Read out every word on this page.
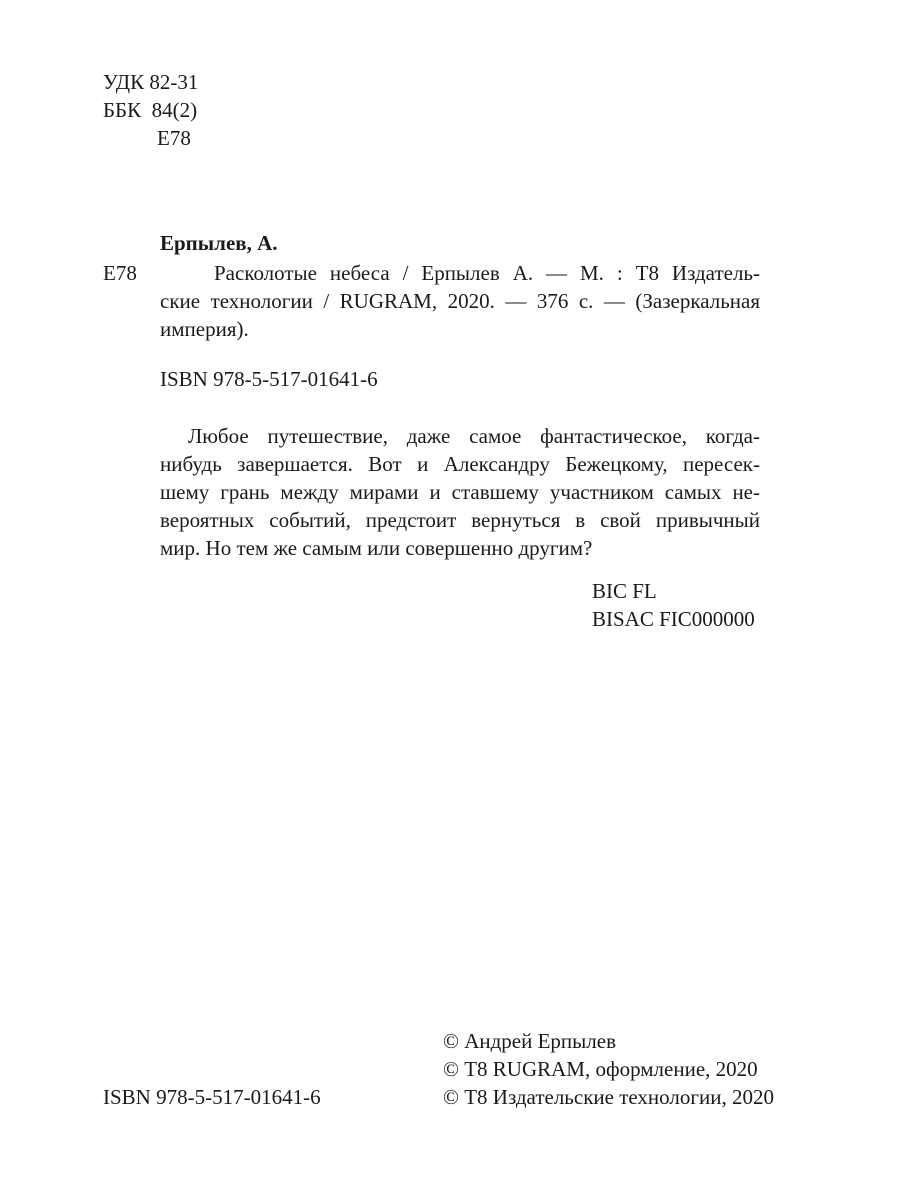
УДК 82-31
ББК  84(2)
Е78
Ерпылев, А.
Е78	Расколотые небеса / Ерпылев А. — М. : Т8 Издатель-
ские технологии / RUGRAM, 2020. — 376 с. — (Зазеркальная
империя).
ISBN 978-5-517-01641-6
Любое путешествие, даже самое фантастическое, когда-
нибудь завершается. Вот и Александру Бежецкому, пересек-
шему грань между мирами и ставшему участником самых не-
вероятных событий, предстоит вернуться в свой привычный
мир. Но тем же самым или совершенно другим?
BIC FL
BISAC FIC000000
© Андрей Ерпылев
© Т8 RUGRAM, оформление, 2020
ISBN 978-5-517-01641-6	© Т8 Издательские технологии, 2020
